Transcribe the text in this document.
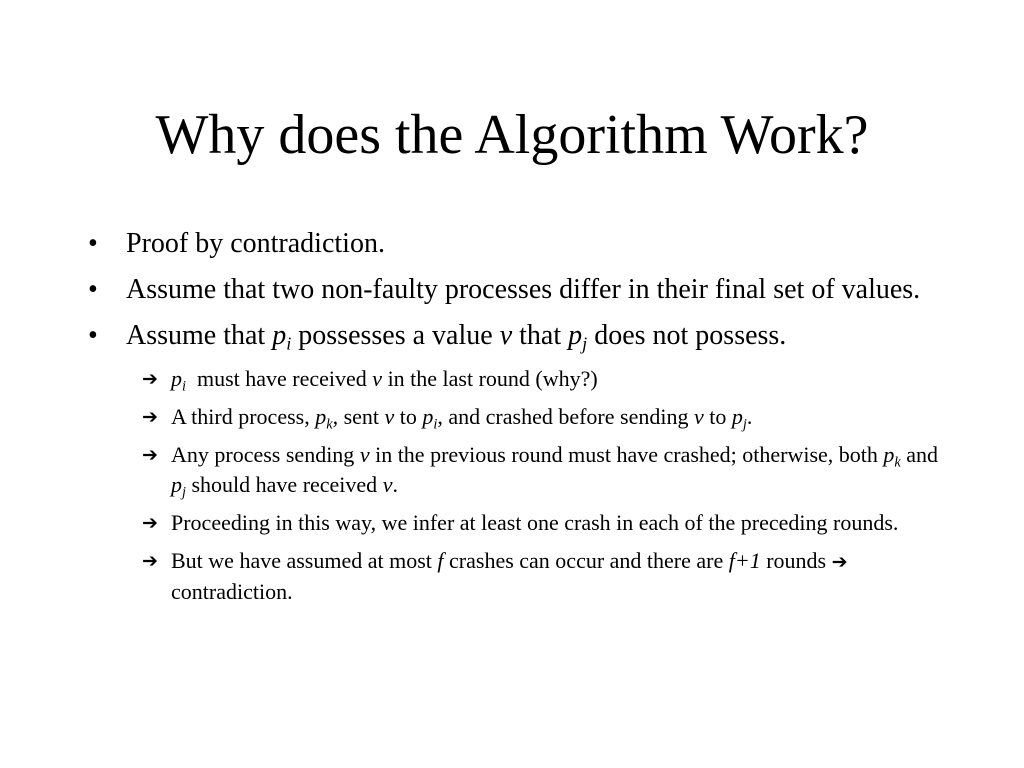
Why does the Algorithm Work?
• Proof by contradiction.
• Assume that two non-faulty processes differ in their final set of values.
• Assume that $p_i$ possesses a value v that $p_j$ does not possess.
➔ $p_i$  must have received v in the last round (why?)
➔ A third process, $p_k$, sent v to $p_i$, and crashed before sending v to $p_j$.
➔ Any process sending v in the previous round must have crashed; otherwise, both $p_k$ and $p_j$ should have received v.
➔ Proceeding in this way, we infer at least one crash in each of the preceding rounds.
➔ But we have assumed at most f crashes can occur and there are f+1 rounds ➔ contradiction.
